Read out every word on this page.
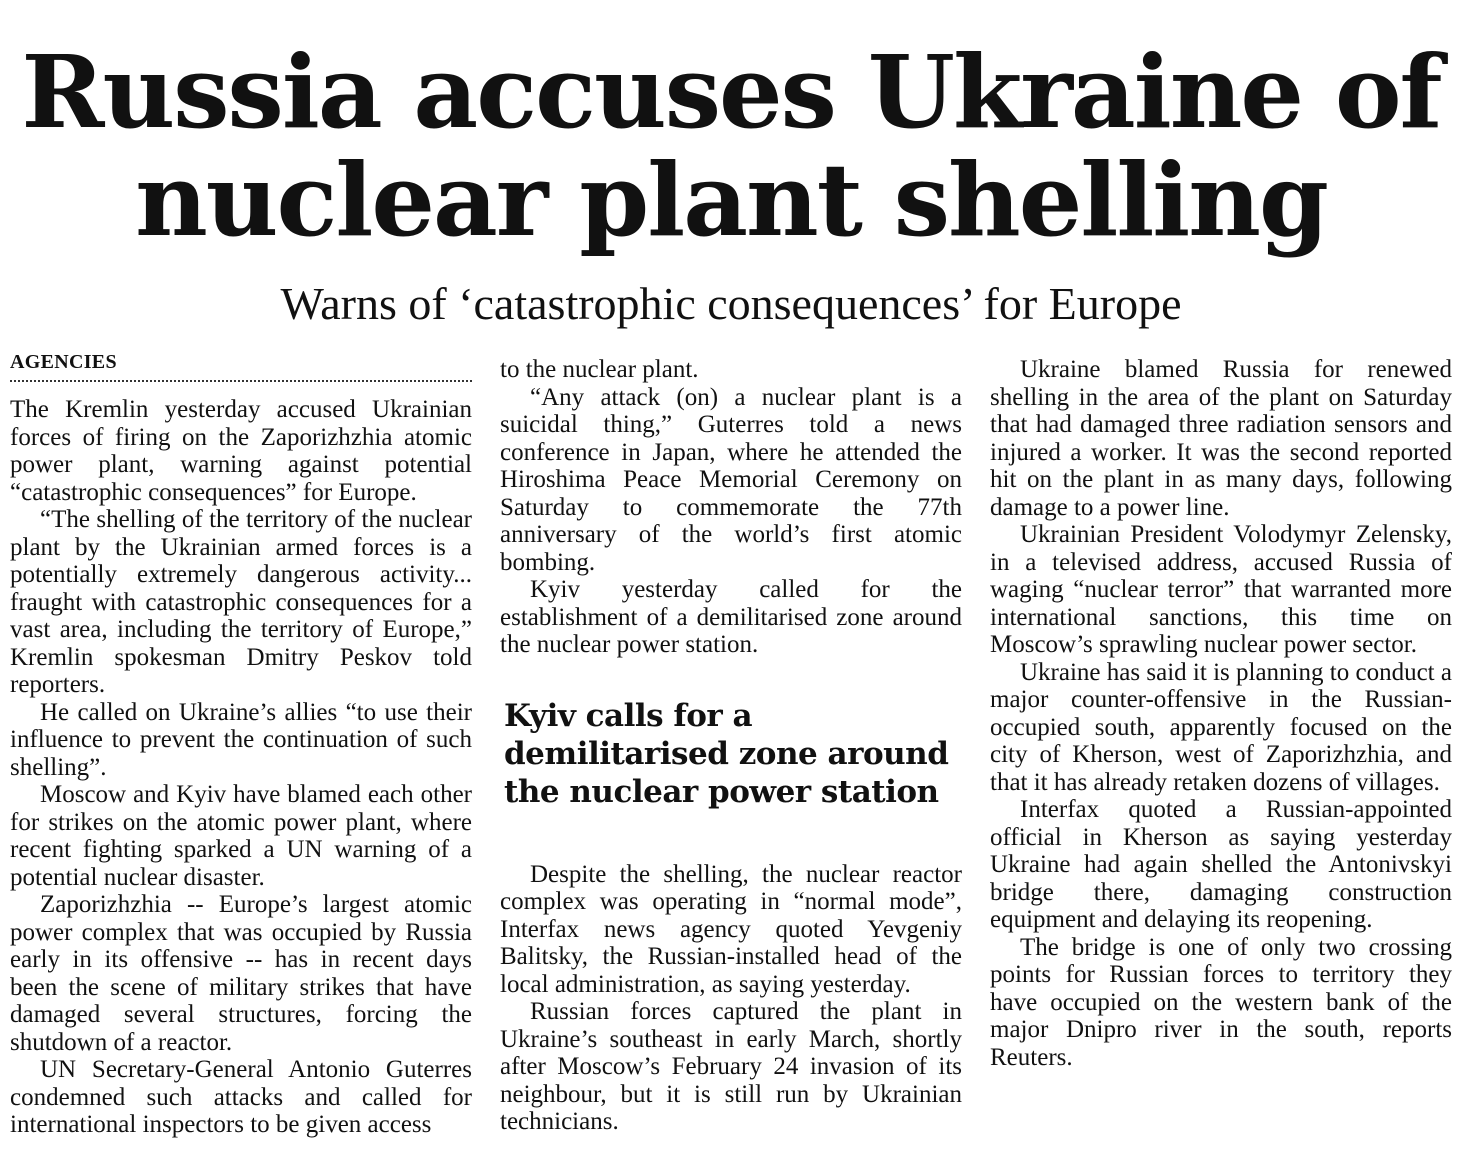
Russia accuses Ukraine of
nuclear plant shelling
Warns of ‘catastrophic consequences’ for Europe
AGENCIES

The Kremlin yesterday accused Ukrainian forces of firing on the Zaporizhzhia atomic power plant, warning against potential “catastrophic consequences” for Europe.

“The shelling of the territory of the nuclear plant by the Ukrainian armed forces is a potentially extremely dangerous activity... fraught with catastrophic consequences for a vast area, including the territory of Europe,” Kremlin spokesman Dmitry Peskov told reporters.

He called on Ukraine’s allies “to use their influence to prevent the continuation of such shelling”.

Moscow and Kyiv have blamed each other for strikes on the atomic power plant, where recent fighting sparked a UN warning of a potential nuclear disaster.

Zaporizhzhia -- Europe’s largest atomic power complex that was occupied by Russia early in its offensive -- has in recent days been the scene of military strikes that have damaged several structures, forcing the shutdown of a reactor.

UN Secretary-General Antonio Guterres condemned such attacks and called for international inspectors to be given access

to the nuclear plant.

“Any attack (on) a nuclear plant is a suicidal thing,” Guterres told a news conference in Japan, where he attended the Hiroshima Peace Memorial Ceremony on Saturday to commemorate the 77th anniversary of the world’s first atomic bombing.

Kyiv yesterday called for the establishment of a demilitarised zone around the nuclear power station.

Kyiv calls for a demilitarised zone around the nuclear power station

Despite the shelling, the nuclear reactor complex was operating in “normal mode”, Interfax news agency quoted Yevgeniy Balitsky, the Russian-installed head of the local administration, as saying yesterday.

Russian forces captured the plant in Ukraine’s southeast in early March, shortly after Moscow’s February 24 invasion of its neighbour, but it is still run by Ukrainian technicians.

Ukraine blamed Russia for renewed shelling in the area of the plant on Saturday that had damaged three radiation sensors and injured a worker. It was the second reported hit on the plant in as many days, following damage to a power line.

Ukrainian President Volodymyr Zelensky, in a televised address, accused Russia of waging “nuclear terror” that warranted more international sanctions, this time on Moscow’s sprawling nuclear power sector.

Ukraine has said it is planning to conduct a major counter-offensive in the Russian-occupied south, apparently focused on the city of Kherson, west of Zaporizhzhia, and that it has already retaken dozens of villages.

Interfax quoted a Russian-appointed official in Kherson as saying yesterday Ukraine had again shelled the Antonivskyi bridge there, damaging construction equipment and delaying its reopening.

The bridge is one of only two crossing points for Russian forces to territory they have occupied on the western bank of the major Dnipro river in the south, reports Reuters.
